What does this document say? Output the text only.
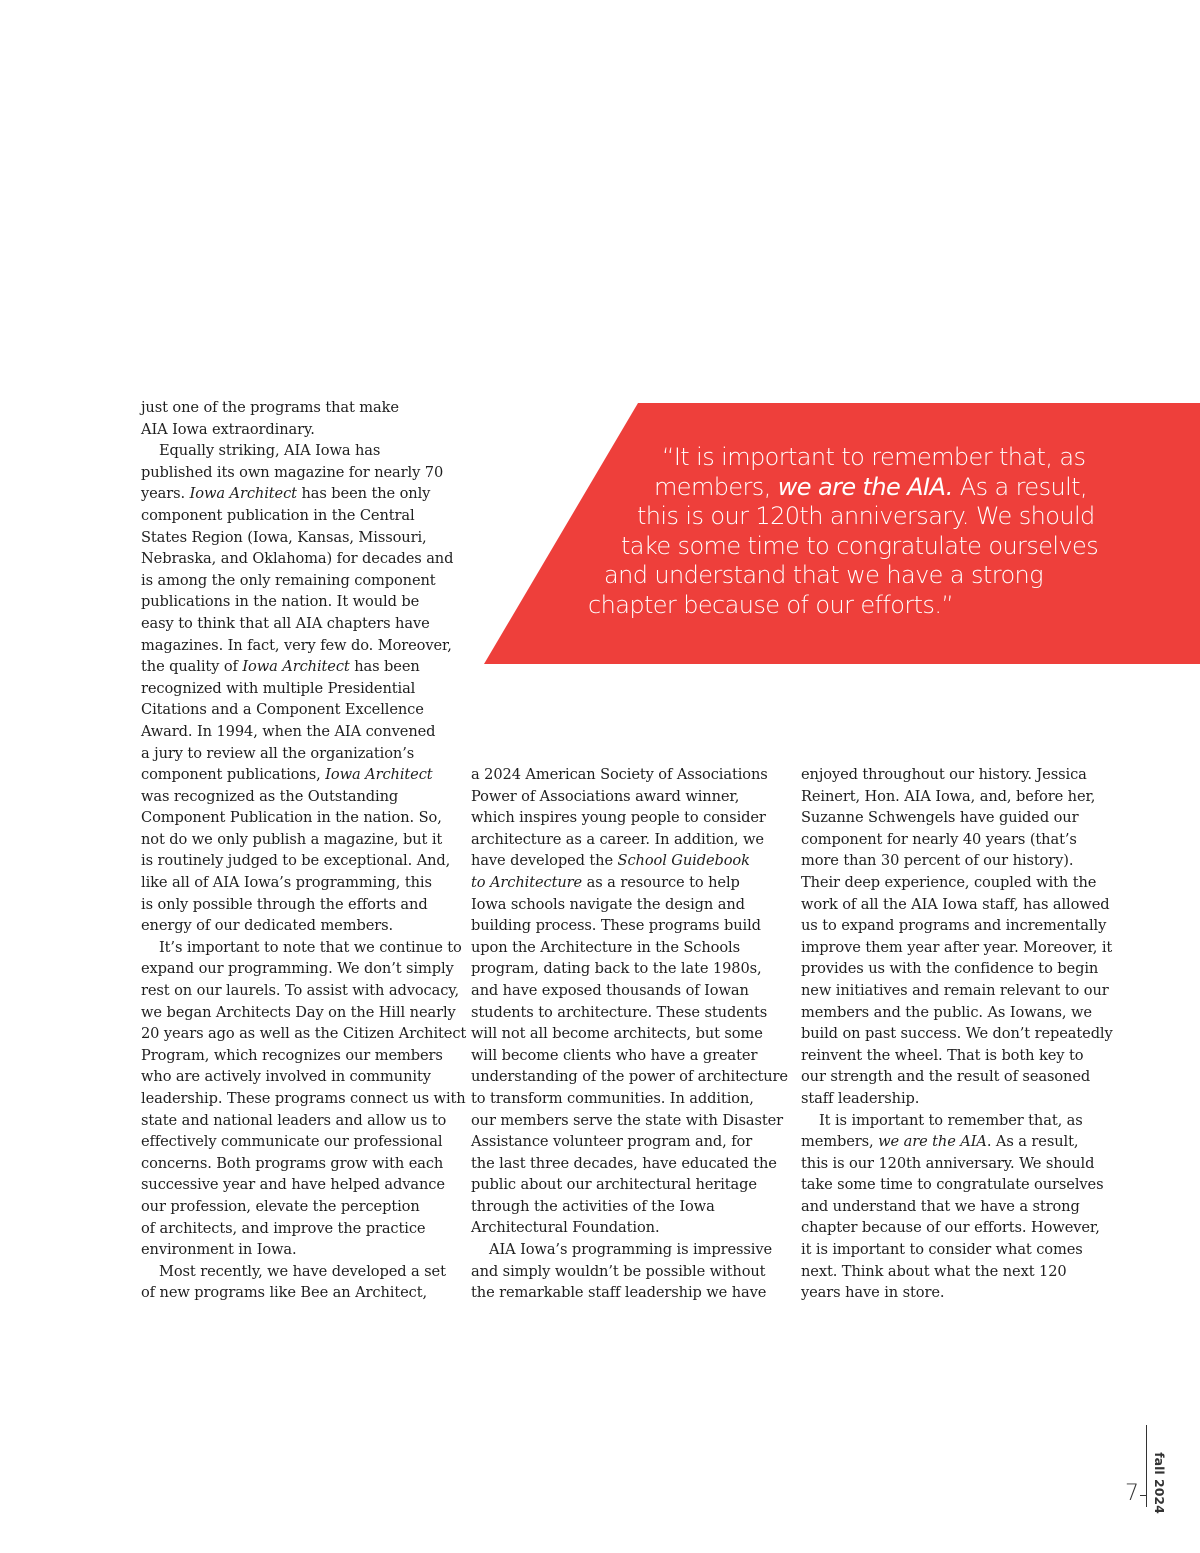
“It is important to remember that, as
members, we are the AIA. As a result,
this is our 120th anniversary. We should
take some time to congratulate ourselves
and understand that we have a strong
chapter because of our efforts.”
just one of the programs that make
AIA Iowa extraordinary.
Equally striking, AIA Iowa has
published its own magazine for nearly 70
years. Iowa Architect has been the only
component publication in the Central
States Region (Iowa, Kansas, Missouri,
Nebraska, and Oklahoma) for decades and
is among the only remaining component
publications in the nation. It would be
easy to think that all AIA chapters have
magazines. In fact, very few do. Moreover,
the quality of Iowa Architect has been
recognized with multiple Presidential
Citations and a Component Excellence
Award. In 1994, when the AIA convened
a jury to review all the organization’s
component publications, Iowa Architect
was recognized as the Outstanding
Component Publication in the nation. So,
not do we only publish a magazine, but it
is routinely judged to be exceptional. And,
like all of AIA Iowa’s programming, this
is only possible through the efforts and
energy of our dedicated members.
It’s important to note that we continue to
expand our programming. We don’t simply
rest on our laurels. To assist with advocacy,
we began Architects Day on the Hill nearly
20 years ago as well as the Citizen Architect
Program, which recognizes our members
who are actively involved in community
leadership. These programs connect us with
state and national leaders and allow us to
effectively communicate our professional
concerns. Both programs grow with each
successive year and have helped advance
our profession, elevate the perception
of architects, and improve the practice
environment in Iowa.
Most recently, we have developed a set
of new programs like Bee an Architect,
a 2024 American Society of Associations
Power of Associations award winner,
which inspires young people to consider
architecture as a career. In addition, we
have developed the School Guidebook
to Architecture as a resource to help
Iowa schools navigate the design and
building process. These programs build
upon the Architecture in the Schools
program, dating back to the late 1980s,
and have exposed thousands of Iowan
students to architecture. These students
will not all become architects, but some
will become clients who have a greater
understanding of the power of architecture
to transform communities. In addition,
our members serve the state with Disaster
Assistance volunteer program and, for
the last three decades, have educated the
public about our architectural heritage
through the activities of the Iowa
Architectural Foundation.
AIA Iowa’s programming is impressive
and simply wouldn’t be possible without
the remarkable staff leadership we have
enjoyed throughout our history. Jessica
Reinert, Hon. AIA Iowa, and, before her,
Suzanne Schwengels have guided our
component for nearly 40 years (that’s
more than 30 percent of our history).
Their deep experience, coupled with the
work of all the AIA Iowa staff, has allowed
us to expand programs and incrementally
improve them year after year. Moreover, it
provides us with the confidence to begin
new initiatives and remain relevant to our
members and the public. As Iowans, we
build on past success. We don’t repeatedly
reinvent the wheel. That is both key to
our strength and the result of seasoned
staff leadership.
It is important to remember that, as
members, we are the AIA. As a result,
this is our 120th anniversary. We should
take some time to congratulate ourselves
and understand that we have a strong
chapter because of our efforts. However,
it is important to consider what comes
next. Think about what the next 120
years have in store.
7 fall 2024
